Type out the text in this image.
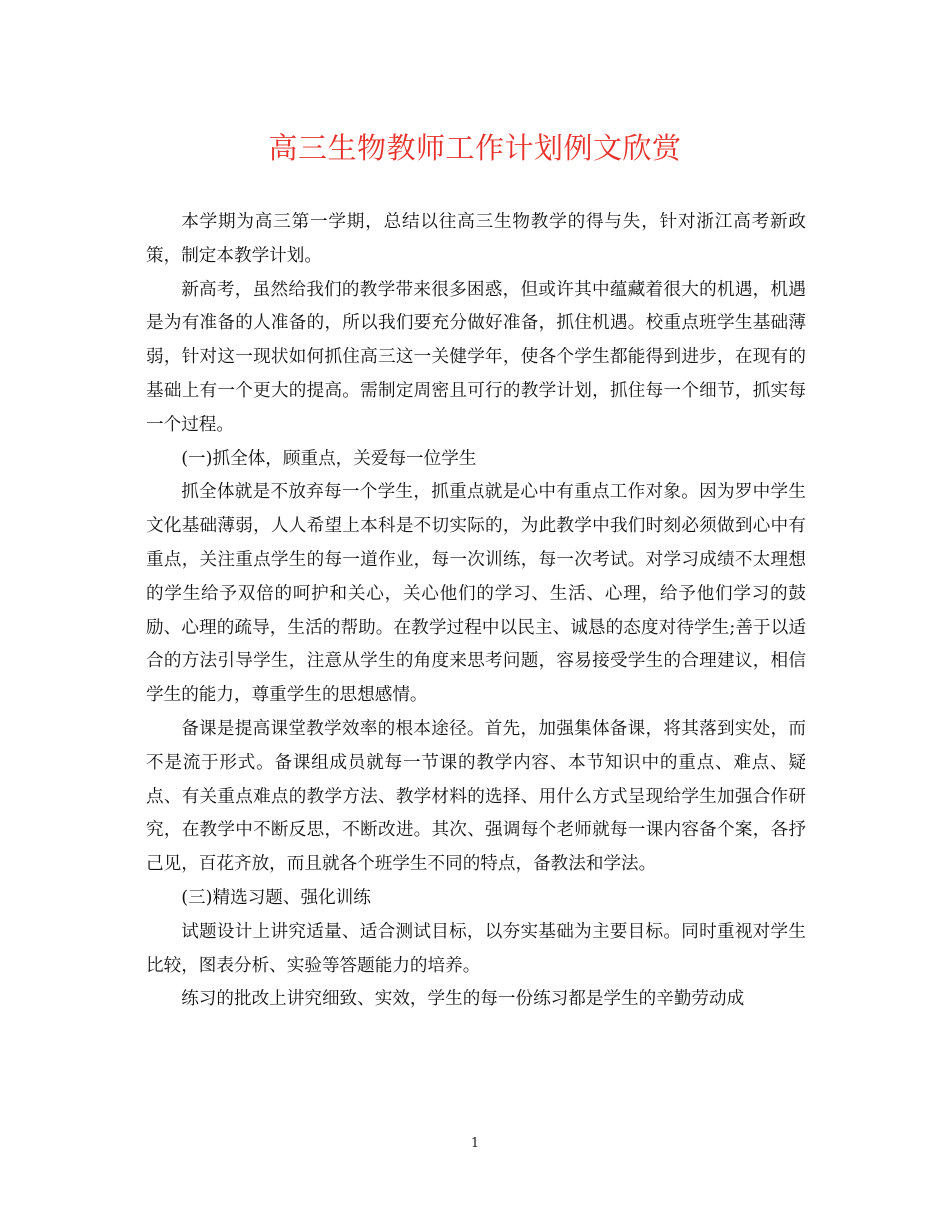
高三生物教师工作计划例文欣赏

本学期为高三第一学期，总结以往高三生物教学的得与失，针对浙江高考新政策，制定本教学计划。

新高考，虽然给我们的教学带来很多困惑，但或许其中蕴藏着很大的机遇，机遇是为有准备的人准备的，所以我们要充分做好准备，抓住机遇。校重点班学生基础薄弱，针对这一现状如何抓住高三这一关健学年，使各个学生都能得到进步，在现有的基础上有一个更大的提高。需制定周密且可行的教学计划，抓住每一个细节，抓实每一个过程。

(一)抓全体，顾重点，关爱每一位学生

抓全体就是不放弃每一个学生，抓重点就是心中有重点工作对象。因为罗中学生文化基础薄弱，人人希望上本科是不切实际的，为此教学中我们时刻必须做到心中有重点，关注重点学生的每一道作业，每一次训练，每一次考试。对学习成绩不太理想的学生给予双倍的呵护和关心，关心他们的学习、生活、心理，给予他们学习的鼓励、心理的疏导，生活的帮助。在教学过程中以民主、诚恳的态度对待学生;善于以适合的方法引导学生，注意从学生的角度来思考问题，容易接受学生的合理建议，相信学生的能力，尊重学生的思想感情。

备课是提高课堂教学效率的根本途径。首先，加强集体备课，将其落到实处，而不是流于形式。备课组成员就每一节课的教学内容、本节知识中的重点、难点、疑点、有关重点难点的教学方法、教学材料的选择、用什么方式呈现给学生加强合作研究，在教学中不断反思，不断改进。其次、强调每个老师就每一课内容备个案，各抒己见，百花齐放，而且就各个班学生不同的特点，备教法和学法。

(三)精选习题、强化训练

试题设计上讲究适量、适合测试目标，以夯实基础为主要目标。同时重视对学生比较，图表分析、实验等答题能力的培养。

练习的批改上讲究细致、实效，学生的每一份练习都是学生的辛勤劳动成

1
